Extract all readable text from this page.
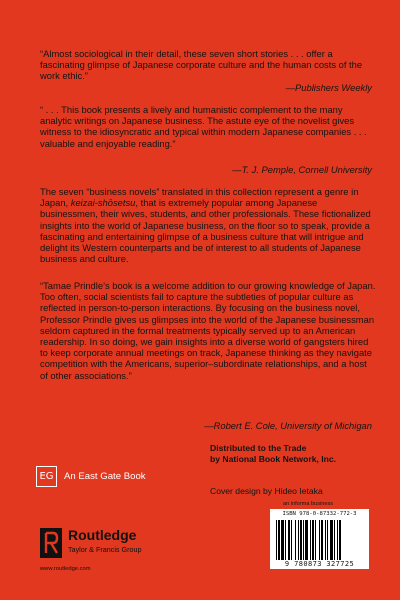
“Almost sociological in their detail, these seven short stories . . . offer a fascinating glimpse of Japanese corporate culture and the human costs of the work ethic.”

—Publishers Weekly

“ . . . This book presents a lively and humanistic complement to the many analytic writings on Japanese business. The astute eye of the novelist gives witness to the idiosyncratic and typical within modern Japanese companies . . . valuable and enjoyable reading.”

—T. J. Pemple, Cornell University

The seven “business novels” translated in this collection represent a genre in Japan, keizai-shōsetsu, that is extremely popular among Japanese businessmen, their wives, students, and other professionals. These fictionalized insights into the world of Japanese business, on the floor so to speak, provide a fascinating and entertaining glimpse of a business culture that will intrigue and delight its Western counterparts and be of interest to all students of Japanese business and culture.

“Tamae Prindle’s book is a welcome addition to our growing knowledge of Japan. Too often, social scientists fail to capture the subtleties of popular culture as reflected in person-to-person interactions. By focusing on the business novel, Professor Prindle gives us glimpses into the world of the Japanese businessman seldom captured in the formal treatments typically served up to an American readership. In so doing, we gain insights into a diverse world of gangsters hired to keep corporate annual meetings on track, Japanese thinking as they navigate competition with the Americans, superior–subordinate relationships, and a host of other associations.”

—Robert E. Cole, University of Michigan

Distributed to the Trade
by National Book Network, Inc.
EG	An East Gate Book
Cover design by Hideo Ietaka
Routledge
Taylor & Francis Group
www.routledge.com
an informa business
ISBN 978-0-87332-772-3
9 780873 327725
